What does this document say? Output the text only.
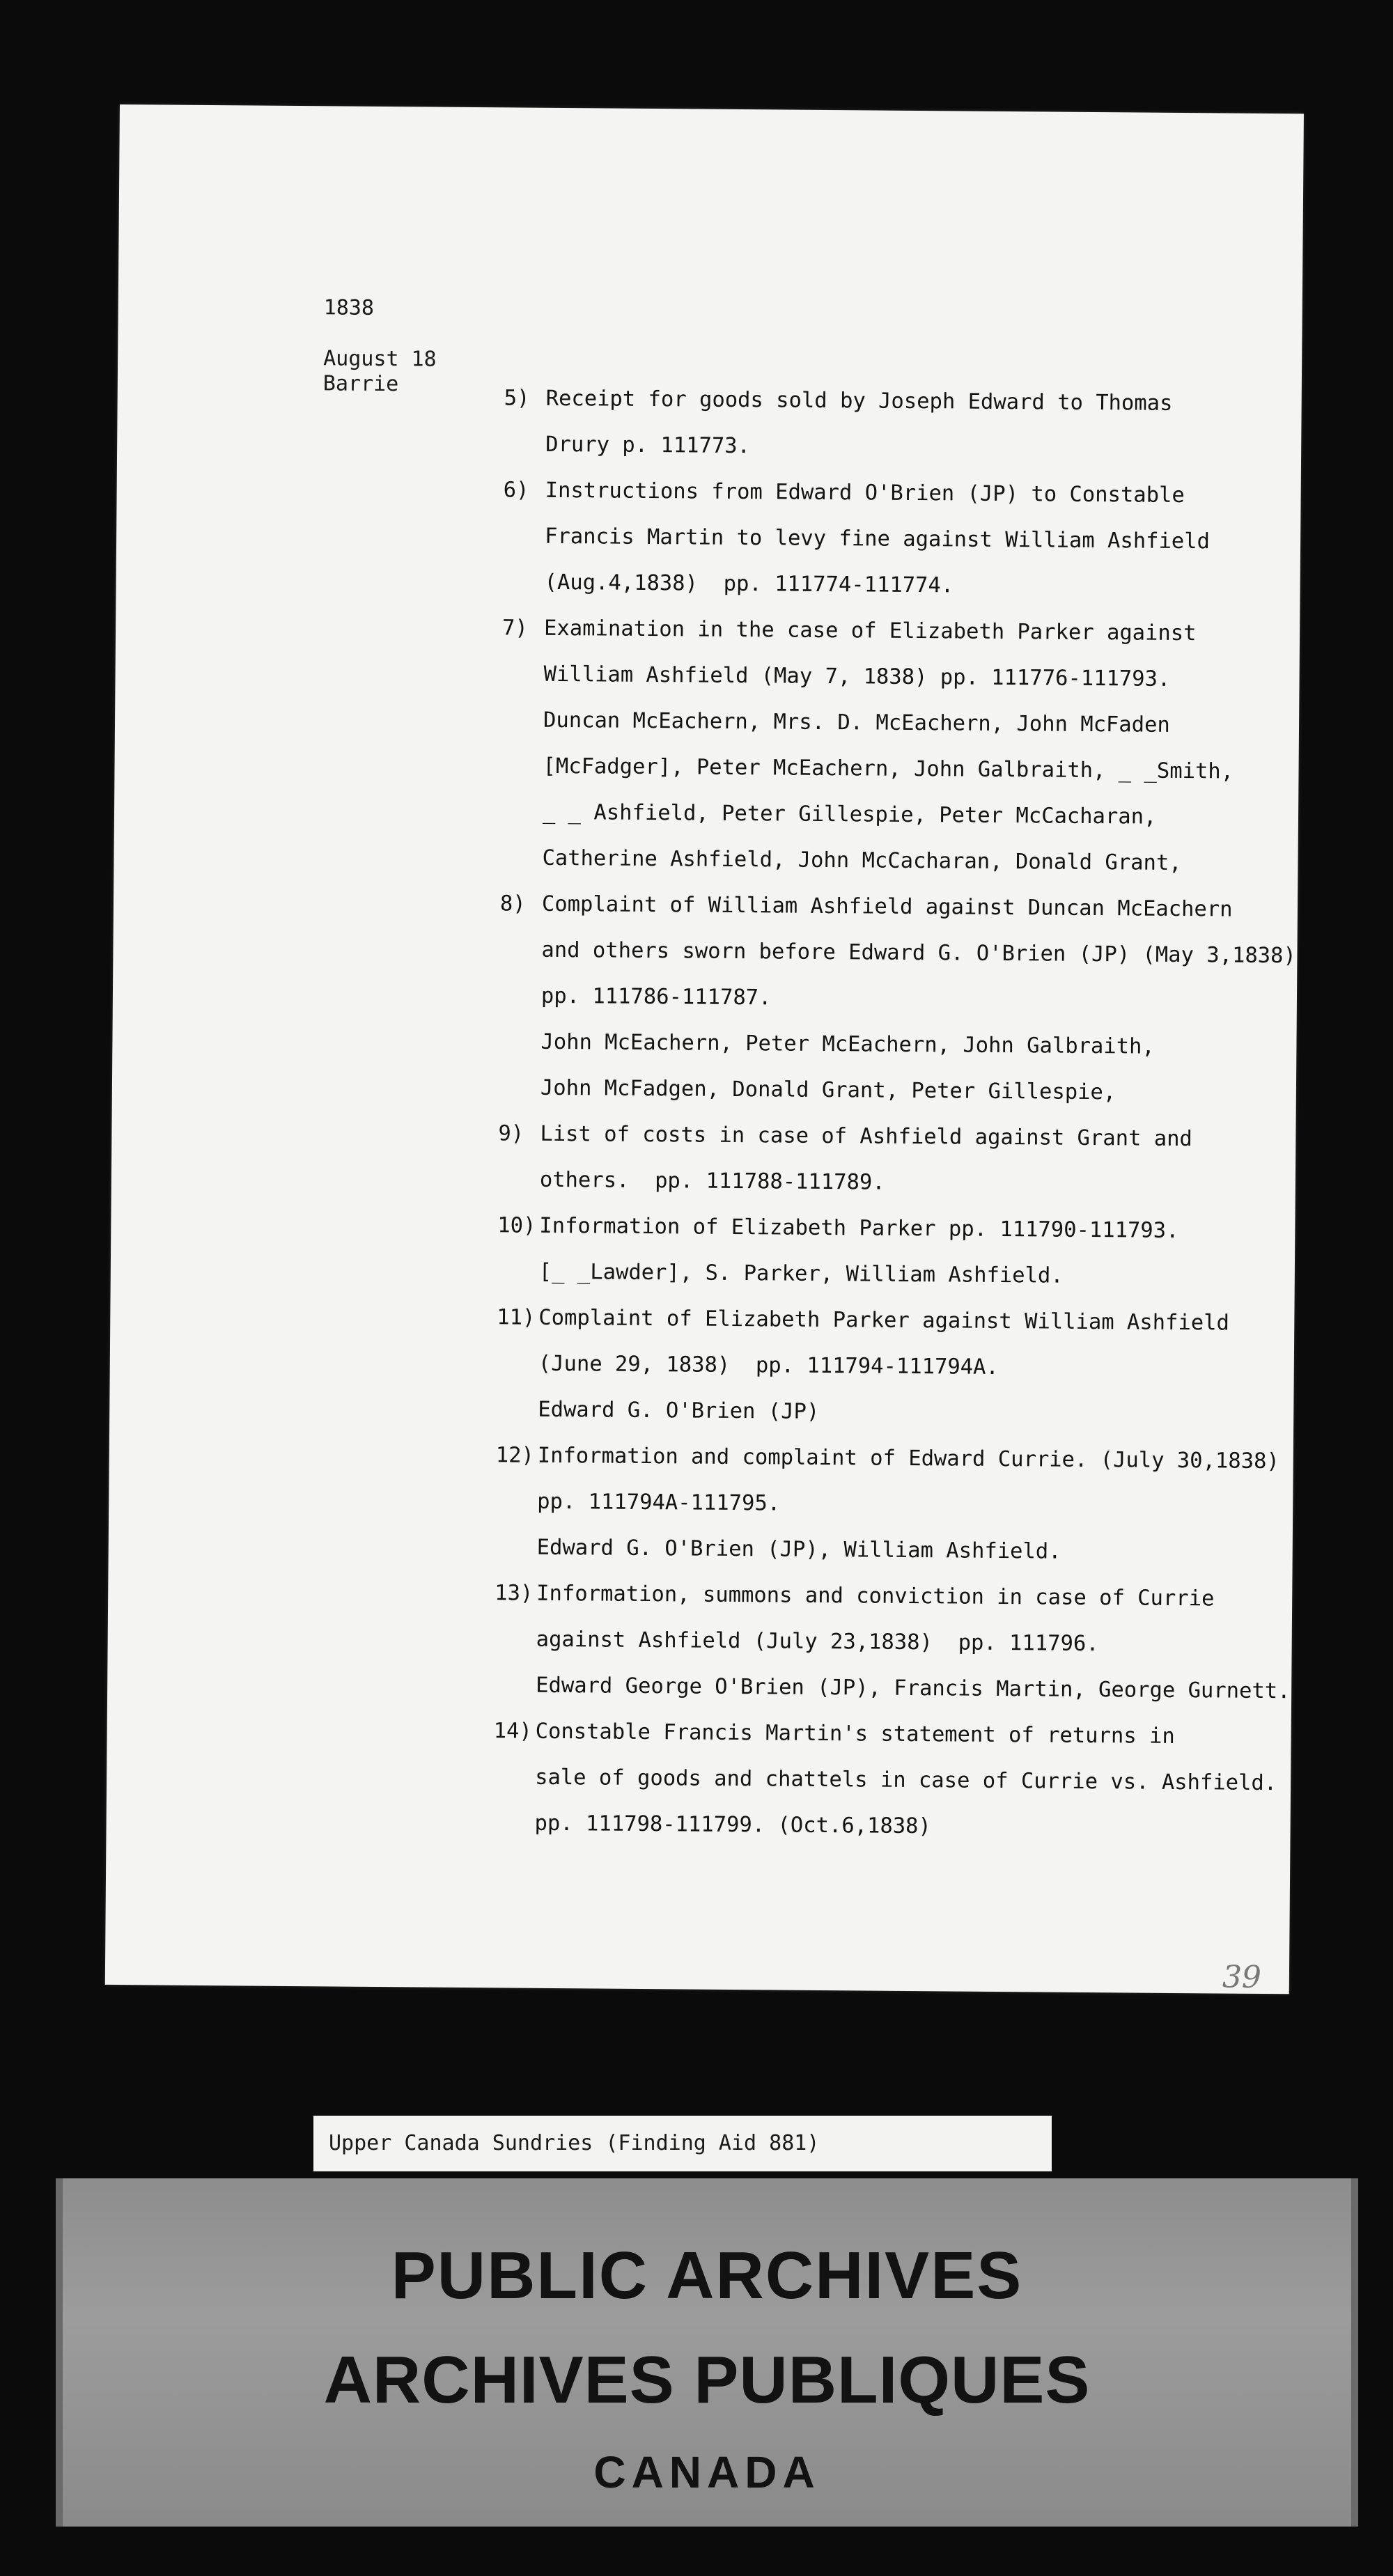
1838
August 18
Barrie
5) Receipt for goods sold by Joseph Edward to Thomas
Drury p. 111773.
6) Instructions from Edward O'Brien (JP) to Constable
Francis Martin to levy fine against William Ashfield
(Aug.4,1838)  pp. 111774-111774.
7) Examination in the case of Elizabeth Parker against
William Ashfield (May 7, 1838) pp. 111776-111793.
Duncan McEachern, Mrs. D. McEachern, John McFaden
[McFadger], Peter McEachern, John Galbraith, _ _Smith,
_ _ Ashfield, Peter Gillespie, Peter McCacharan,
Catherine Ashfield, John McCacharan, Donald Grant,
8) Complaint of William Ashfield against Duncan McEachern
and others sworn before Edward G. O'Brien (JP) (May 3,1838)
pp. 111786-111787.
John McEachern, Peter McEachern, John Galbraith,
John McFadgen, Donald Grant, Peter Gillespie,
9) List of costs in case of Ashfield against Grant and
others.  pp. 111788-111789.
10) Information of Elizabeth Parker pp. 111790-111793.
[_ _Lawder], S. Parker, William Ashfield.
11) Complaint of Elizabeth Parker against William Ashfield
(June 29, 1838)  pp. 111794-111794A.
Edward G. O'Brien (JP)
12) Information and complaint of Edward Currie. (July 30,1838)
pp. 111794A-111795.
Edward G. O'Brien (JP), William Ashfield.
13) Information, summons and conviction in case of Currie
against Ashfield (July 23,1838)  pp. 111796.
Edward George O'Brien (JP), Francis Martin, George Gurnett.
14) Constable Francis Martin's statement of returns in
sale of goods and chattels in case of Currie vs. Ashfield.
pp. 111798-111799. (Oct.6,1838)
39
Upper Canada Sundries (Finding Aid 881)
PUBLIC ARCHIVES
ARCHIVES PUBLIQUES
CANADA
